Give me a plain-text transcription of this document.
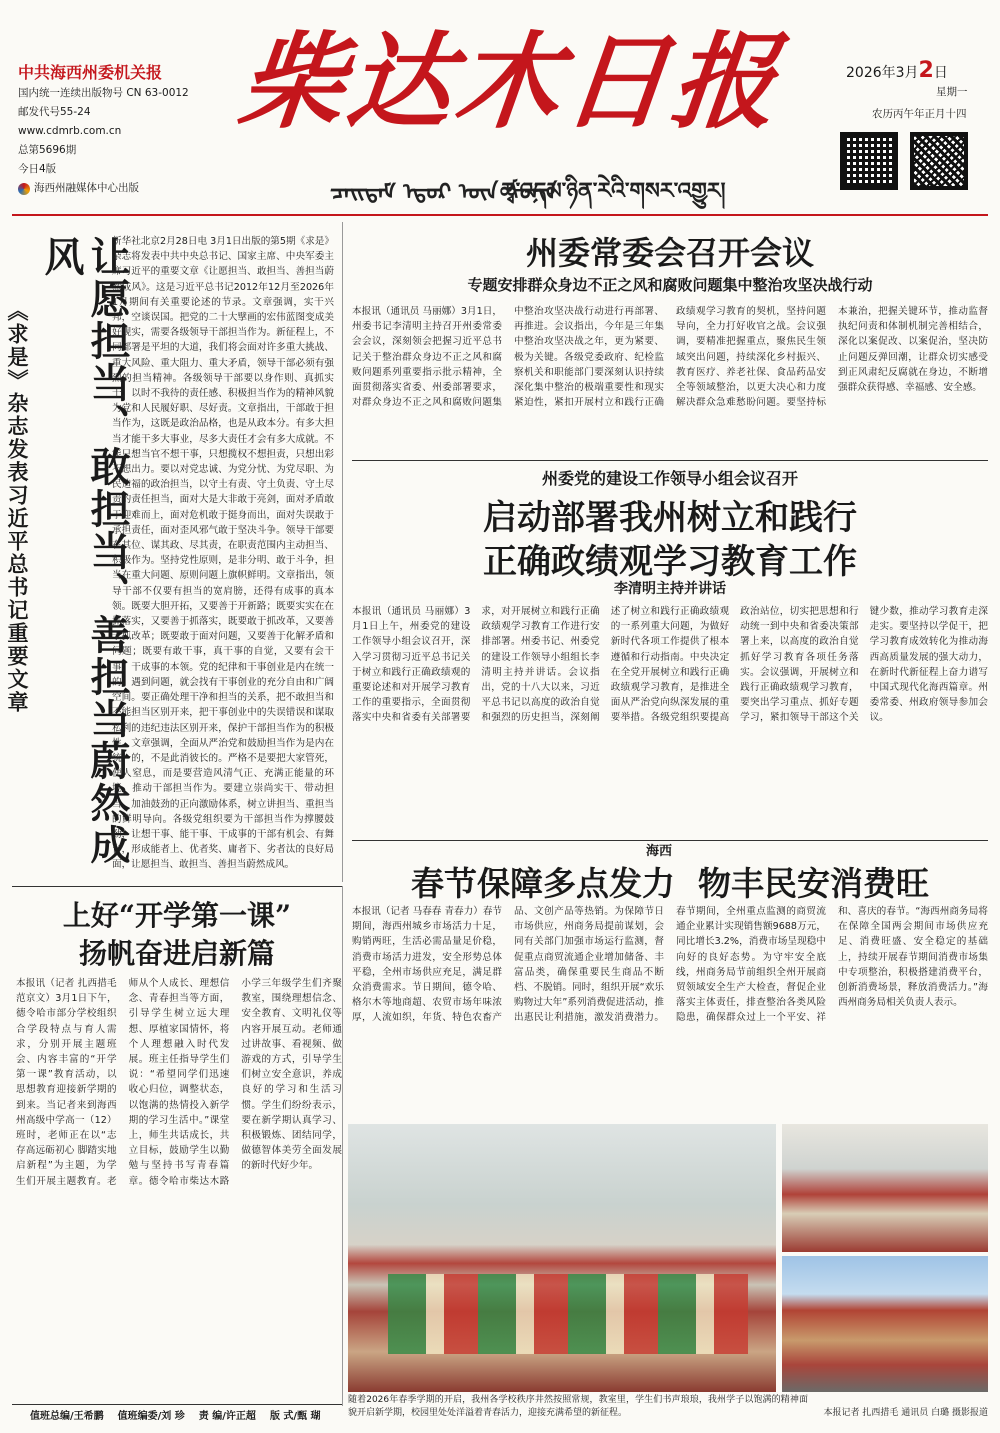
中共海西州委机关报
国内统一连续出版物号 CN 63-0012
邮发代号55-24
www.cdmrb.com.cn
总第5696期
今日4版
海西州融媒体中心出版
柴达木日报
ᠴᠠᠢᠳᠠᠮ ᠡᠳᠦᠷ ᠦᠨ ᠰᠣᠨᠢᠨ
ཚྭ་འདམ་ཉིན་རེའི་གསར་འགྱུར།
2026年3月2日
星期一
农历丙午年正月十四
让愿担当、敢担当、善担当蔚然成风
《求是》杂志发表习近平总书记重要文章
新华社北京2月28日电 3月1日出版的第5期《求是》杂志将发表中共中央总书记、国家主席、中央军委主席习近平的重要文章《让愿担当、敢担当、善担当蔚然成风》。这是习近平总书记2012年12月至2026年1月期间有关重要论述的节录。文章强调，实干兴邦，空谈误国。把党的二十大擘画的宏伟蓝图变成美好现实，需要各级领导干部担当作为。新征程上，不同部署是平坦的大道，我们将会面对许多重大挑战、重大风险、重大阻力、重大矛盾，领导干部必须有强烈的担当精神。各级领导干部要以身作则、真抓实干，以时不我待的责任感、积极担当作为的精神风貌为党和人民履好职、尽好责。文章指出，干部敢于担当作为，这既是政治品格，也是从政本分。有多大担当才能干多大事业，尽多大责任才会有多大成就。不能只想当官不想干事，只想揽权不想担责，只想出彩不想出力。要以对党忠诚、为党分忧、为党尽职、为民造福的政治担当，以守土有责、守土负责、守土尽责的责任担当，面对大是大非敢于亮剑，面对矛盾敢于迎难而上，面对危机敢于挺身而出，面对失误敢于承担责任，面对歪风邪气敢于坚决斗争。领导干部要在其位、谋其政、尽其责，在职责范围内主动担当、积极作为。坚持党性原则，是非分明、敢于斗争，担当在重大问题、原则问题上旗帜鲜明。文章指出，领导干部不仅要有担当的宽肩膀，还得有成事的真本领。既要大胆开拓，又要善于开新路；既要实实在在抓落实，又要善于抓落实，既要敢于抓改革，又要善于抓改革；既要敢于面对问题，又要善于化解矛盾和问题；既要有敢干事，真干事的自觉，又要有会干事、干成事的本领。党的纪律和干事创业是内在统一的。遇到问题，就会找有干事创业的充分自由和广阔空间。要正确处理干净和担当的关系，把不敢担当和不能担当区别开来，把干事创业中的失误错误和谋取私利的违纪违法区别开来，保护干部担当作为的积极性。文章强调，全面从严治党和鼓励担当作为是内在统一的，不是此消彼长的。严格不是要把大家管死，使人窒息，而是要营造风清气正、充满正能量的环境，推动干部担当作为。要建立崇尚实干、带动担当、加油鼓劲的正向激励体系，树立讲担当、重担当的鲜明导向。各级党组织要为干部担当作为撑腰鼓劲，让想干事、能干事、干成事的干部有机会、有舞台，形成能者上、优者奖、庸者下、劣者汰的良好局面，让愿担当、敢担当、善担当蔚然成风。
州委常委会召开会议
专题安排群众身边不正之风和腐败问题集中整治攻坚决战行动
本报讯（通讯员 马丽娜）3月1日，州委书记李清明主持召开州委常委会会议，深刻领会把握习近平总书记关于整治群众身边不正之风和腐败问题系列重要指示批示精神，全面贯彻落实省委、州委部署要求，对群众身边不正之风和腐败问题集中整治攻坚决战行动进行再部署、再推进。会议指出，今年是三年集中整治攻坚决战之年，更为紧要、极为关键。各级党委政府、纪检监察机关和职能部门要深刻认识持续深化集中整治的极端重要性和现实紧迫性，紧扣开展村立和践行正确政绩观学习教育的契机，坚持问题导向，全力打好收官之战。会议强调，要精准把握重点，聚焦民生领域突出问题，持续深化乡村振兴、教育医疗、养老社保、食品药品安全等领域整治，以更大决心和力度解决群众急难愁盼问题。要坚持标本兼治，把握关键环节，推动监督执纪问责和体制机制完善相结合，深化以案促改、以案促治，坚决防止问题反弹回潮，让群众切实感受到正风肃纪反腐就在身边，不断增强群众获得感、幸福感、安全感。
州委党的建设工作领导小组会议召开
启动部署我州树立和践行
正确政绩观学习教育工作
李清明主持并讲话
本报讯（通讯员 马丽娜）3月1日上午，州委党的建设工作领导小组会议召开，深入学习贯彻习近平总书记关于树立和践行正确政绩观的重要论述和对开展学习教育工作的重要指示，全面贯彻落实中央和省委有关部署要求，对开展树立和践行正确政绩观学习教育工作进行安排部署。州委书记、州委党的建设工作领导小组组长李清明主持并讲话。会议指出，党的十八大以来，习近平总书记以高度的政治自觉和强烈的历史担当，深刻阐述了树立和践行正确政绩观的一系列重大问题，为做好新时代各项工作提供了根本遵循和行动指南。中央决定在全党开展树立和践行正确政绩观学习教育，是推进全面从严治党向纵深发展的重要举措。各级党组织要提高政治站位，切实把思想和行动统一到中央和省委决策部署上来，以高度的政治自觉抓好学习教育各项任务落实。会议强调，开展树立和践行正确政绩观学习教育，要突出学习重点、抓好专题学习，紧扣领导干部这个关键少数，推动学习教育走深走实。要坚持以学促干，把学习教育成效转化为推动海西高质量发展的强大动力，在新时代新征程上奋力谱写中国式现代化海西篇章。州委常委、州政府领导参加会议。
海西
春节保障多点发力  物丰民安消费旺
本报讯（记者 马春春 青春力）春节期间，海西州城乡市场活力十足，购销两旺，生活必需品量足价稳，消费市场活力进发，安全形势总体平稳，全州市场供应充足，满足群众消费需求。节日期间，德令哈、格尔木等地商超、农贸市场年味浓厚，人流如织，年货、特色农畜产品、文创产品等热销。为保障节日市场供应，州商务局提前谋划，会同有关部门加强市场运行监测，督促重点商贸流通企业增加储备、丰富品类，确保重要民生商品不断档、不脱销。同时，组织开展“欢乐购物过大年”系列消费促进活动，推出惠民让利措施，激发消费潜力。春节期间，全州重点监测的商贸流通企业累计实现销售额9688万元，同比增长3.2%，消费市场呈现稳中向好的良好态势。为守牢安全底线，州商务局节前组织全州开展商贸领域安全生产大检查，督促企业落实主体责任，排查整治各类风险隐患，确保群众过上一个平安、祥和、喜庆的春节。“海西州商务局将在保障全国两会期间市场供应充足、消费旺盛、安全稳定的基础上，持续开展春节期间消费市场集中专项整治，积极搭建消费平台，创新消费场景，释放消费活力。”海西州商务局相关负责人表示。
上好“开学第一课”
扬帆奋进启新篇
本报讯（记者 扎西措毛 范京文）3月1日下午，德令哈市部分学校组织合学段特点与育人需求，分别开展主题班会、内容丰富的“开学第一课”教育活动，以思想教育迎接新学期的到来。当记者来到海西州高级中学高一（12）班时，老师正在以“志存高远砺初心 脚踏实地启新程”为主题，为学生们开展主题教育。老师从个人成长、理想信念、青春担当等方面，引导学生树立远大理想、厚植家国情怀，将个人理想融入时代发展。班主任指导学生们说：“希望同学们迅速收心归位，调整状态，以饱满的热情投入新学期的学习生活中。”课堂上，师生共话成长，共立目标，鼓励学生以勤勉与坚持书写青春篇章。德令哈市柴达木路小学三年级学生们齐聚教室，围绕理想信念、安全教育、文明礼仪等内容开展互动。老师通过讲故事、看视频、做游戏的方式，引导学生们树立安全意识，养成良好的学习和生活习惯。学生们纷纷表示，要在新学期认真学习、积极锻炼、团结同学，做德智体美劳全面发展的新时代好少年。
随着2026年春季学期的开启，我州各学校秩序井然按照常规，教室里，学生们书声琅琅，我州学子以饱满的精神面貌开启新学期，校园里处处洋溢着青春活力，迎接充满希望的新征程。	本报记者 扎西措毛 通讯员 白璐 摄影报道
值班总编/王希鹏 值班编委/刘 珍 责 编/许正超 版 式/甄 瑚
